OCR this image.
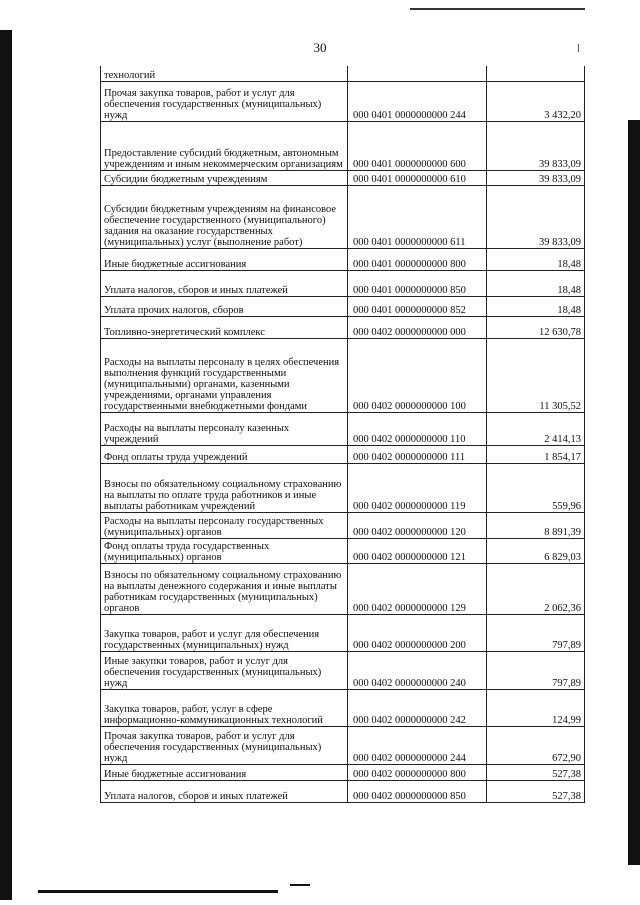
30
технологий		
Прочая закупка товаров, работ и услуг для обеспечения государственных (муниципальных) нужд	000 0401 0000000000 244	3 432,20
Предоставление субсидий бюджетным, автономным учреждениям и иным некоммерческим организациям	000 0401 0000000000 600	39 833,09
Субсидии бюджетным учреждениям	000 0401 0000000000 610	39 833,09
Субсидии бюджетным учреждениям на финансовое обеспечение государственного (муниципального) задания на оказание государственных (муниципальных) услуг (выполнение работ)	000 0401 0000000000 611	39 833,09
Иные бюджетные ассигнования	000 0401 0000000000 800	18,48
Уплата налогов, сборов и иных платежей	000 0401 0000000000 850	18,48
Уплата прочих налогов, сборов	000 0401 0000000000 852	18,48
Топливно-энергетический комплекс	000 0402 0000000000 000	12 630,78
Расходы на выплаты персоналу в целях обеспечения выполнения функций государственными (муниципальными) органами, казенными учреждениями, органами управления государственными внебюджетными фондами	000 0402 0000000000 100	11 305,52
Расходы на выплаты персоналу казенных учреждений	000 0402 0000000000 110	2 414,13
Фонд оплаты труда учреждений	000 0402 0000000000 111	1 854,17
Взносы по обязательному социальному страхованию на выплаты по оплате труда работников и иные выплаты работникам учреждений	000 0402 0000000000 119	559,96
Расходы на выплаты персоналу государственных (муниципальных) органов	000 0402 0000000000 120	8 891,39
Фонд оплаты труда государственных (муниципальных) органов	000 0402 0000000000 121	6 829,03
Взносы по обязательному социальному страхованию на выплаты денежного содержания и иные выплаты работникам государственных (муниципальных) органов	000 0402 0000000000 129	2 062,36
Закупка товаров, работ и услуг для обеспечения государственных (муниципальных) нужд	000 0402 0000000000 200	797,89
Иные закупки товаров, работ и услуг для обеспечения государственных (муниципальных) нужд	000 0402 0000000000 240	797,89
Закупка товаров, работ, услуг в сфере информационно-коммуникационных технологий	000 0402 0000000000 242	124,99
Прочая закупка товаров, работ и услуг для обеспечения государственных (муниципальных) нужд	000 0402 0000000000 244	672,90
Иные бюджетные ассигнования	000 0402 0000000000 800	527,38
Уплата налогов, сборов и иных платежей	000 0402 0000000000 850	527,38
